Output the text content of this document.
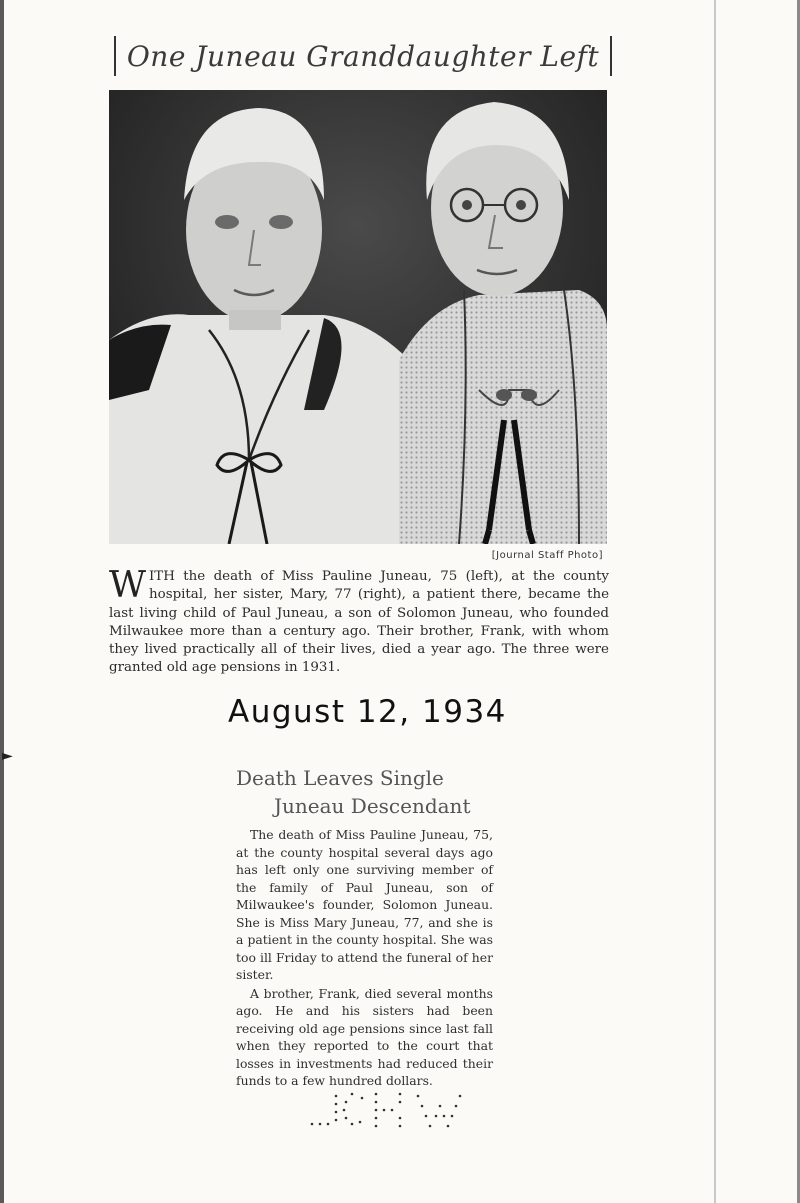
►
One Juneau Granddaughter Left
[Journal Staff Photo]
WITH the death of Miss Pauline Juneau, 75 (left), at the county hospital, her sister, Mary, 77 (right), a patient there, became the last living child of Paul Juneau, a son of Solomon Juneau, who founded Milwaukee more than a century ago. Their brother, Frank, with whom they lived practically all of their lives, died a year ago. The three were granted old age pensions in 1931.
August 12, 1934
Death Leaves Single
Juneau Descendant

The death of Miss Pauline Juneau, 75, at the county hospital several days ago has left only one surviving member of the family of Paul Juneau, son of Milwaukee's founder, Solomon Juneau. She is Miss Mary Juneau, 77, and she is a patient in the county hospital. She was too ill Friday to attend the funeral of her sister.

A brother, Frank, died several months ago. He and his sisters had been receiving old age pensions since last fall when they reported to the court that losses in investments had reduced their funds to a few hundred dollars.
